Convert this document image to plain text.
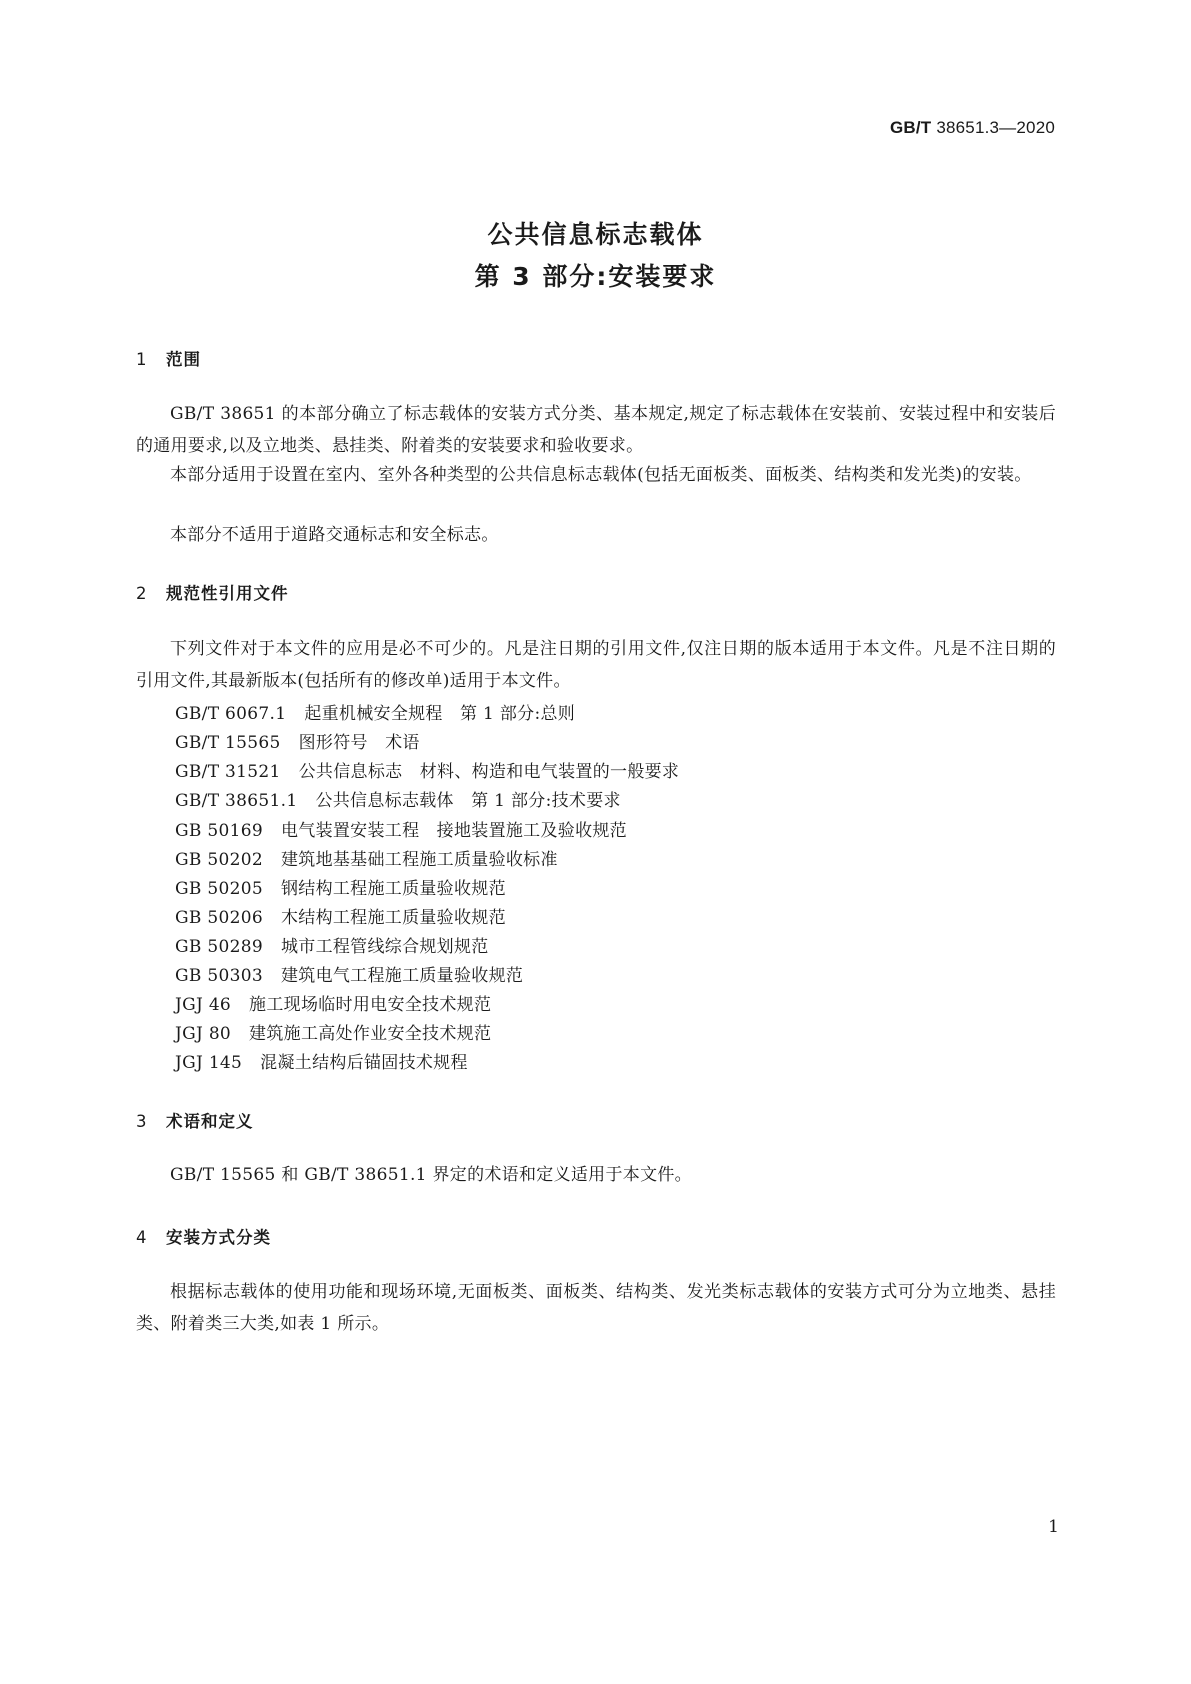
GB/T 38651.3—2020
公共信息标志载体
第 3 部分:安装要求
1 范围
GB/T 38651 的本部分确立了标志载体的安装方式分类、基本规定,规定了标志载体在安装前、安装过程中和安装后的通用要求,以及立地类、悬挂类、附着类的安装要求和验收要求。
本部分适用于设置在室内、室外各种类型的公共信息标志载体(包括无面板类、面板类、结构类和发光类)的安装。
本部分不适用于道路交通标志和安全标志。
2 规范性引用文件
下列文件对于本文件的应用是必不可少的。凡是注日期的引用文件,仅注日期的版本适用于本文件。凡是不注日期的引用文件,其最新版本(包括所有的修改单)适用于本文件。
GB/T 6067.1 起重机械安全规程　第 1 部分:总则
GB/T 15565 图形符号　术语
GB/T 31521 公共信息标志　材料、构造和电气装置的一般要求
GB/T 38651.1 公共信息标志载体　第 1 部分:技术要求
GB 50169 电气装置安装工程　接地装置施工及验收规范
GB 50202 建筑地基基础工程施工质量验收标准
GB 50205 钢结构工程施工质量验收规范
GB 50206 木结构工程施工质量验收规范
GB 50289 城市工程管线综合规划规范
GB 50303 建筑电气工程施工质量验收规范
JGJ 46 施工现场临时用电安全技术规范
JGJ 80 建筑施工高处作业安全技术规范
JGJ 145 混凝土结构后锚固技术规程
3 术语和定义
GB/T 15565 和 GB/T 38651.1 界定的术语和定义适用于本文件。
4 安装方式分类
根据标志载体的使用功能和现场环境,无面板类、面板类、结构类、发光类标志载体的安装方式可分为立地类、悬挂类、附着类三大类,如表 1 所示。
1
